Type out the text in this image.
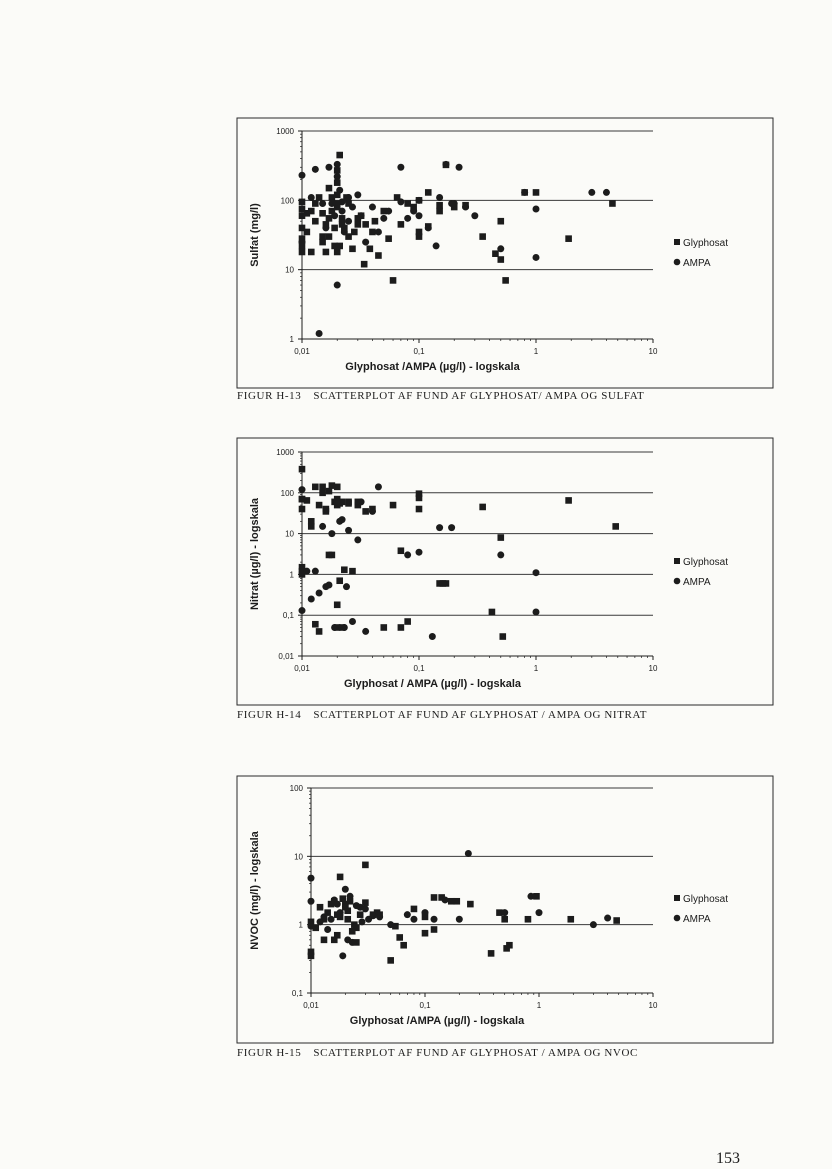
1
10
100
1000
0,01	0,1	1	10
Glyphosat /AMPA (µg/l) - logskala
Sulfat (mg/l)	Glyphosat
AMPA
0,01
0,1
1
10
100
1000
0,01	0,1	1	10
Glyphosat / AMPA (µg/l) - logskala
Nitrat (µg/l) - logskala	Glyphosat
AMPA
0,1
1
10
100
0,01	0,1	1	10
Glyphosat /AMPA (µg/l) - logskala
NVOC (mg/l) - logskala	Glyphosat
AMPA
FIGUR H-13 SCATTERPLOT AF FUND AF GLYPHOSAT/ AMPA OG SULFAT
FIGUR H-14 SCATTERPLOT AF FUND AF GLYPHOSAT / AMPA OG NITRAT
FIGUR H-15 SCATTERPLOT AF FUND AF GLYPHOSAT / AMPA OG NVOC
153
